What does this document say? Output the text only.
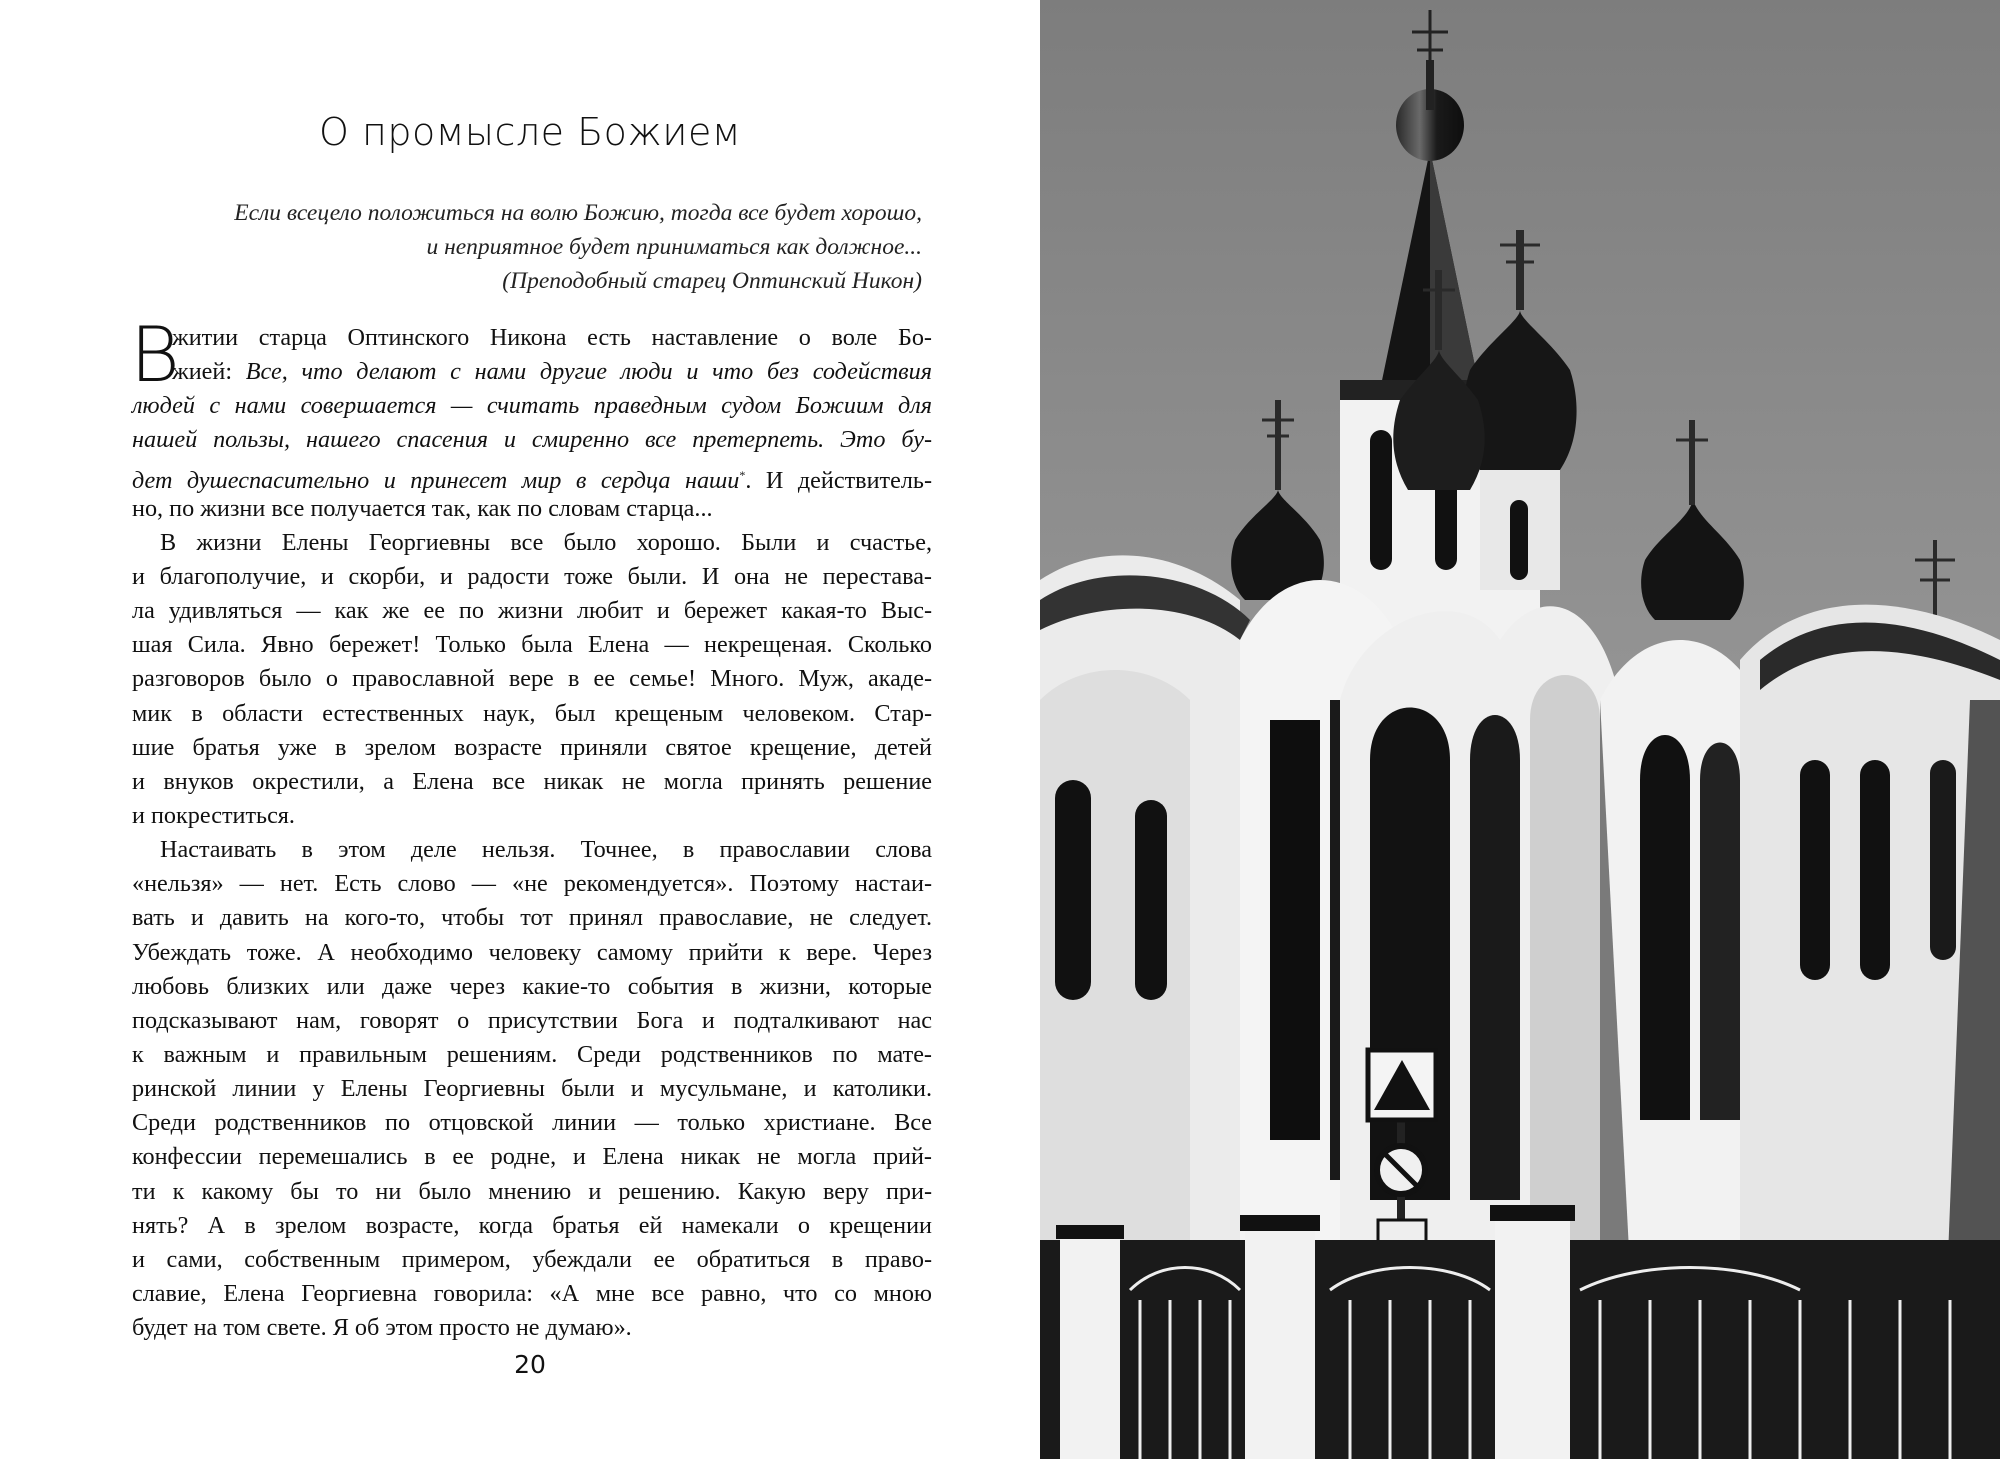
О промысле Божием
Если всецело положиться на волю Божию, тогда все будет хорошо,
и неприятное будет приниматься как должное...
(Преподобный старец Оптинский Никон)
В
житии старца Оптинского Никона есть наставление о воле Бо-
жией: Все, что делают с нами другие люди и что без содействия
людей с нами совершается — считать праведным судом Божиим для
нашей пользы, нашего спасения и смиренно все претерпеть. Это бу-
дет душеспасительно и принесет мир в сердца наши*. И действитель-
но, по жизни все получается так, как по словам старца...
В жизни Елены Георгиевны все было хорошо. Были и счастье,
и благополучие, и скорби, и радости тоже были. И она не перестава-
ла удивляться — как же ее по жизни любит и бережет какая-то Выс-
шая Сила. Явно бережет! Только была Елена — некрещеная. Сколько
разговоров было о православной вере в ее семье! Много. Муж, акаде-
мик в области естественных наук, был крещеным человеком. Стар-
шие братья уже в зрелом возрасте приняли святое крещение, детей
и внуков окрестили, а Елена все никак не могла принять решение
и покреститься.
Настаивать в этом деле нельзя. Точнее, в православии слова
«нельзя» — нет. Есть слово — «не рекомендуется». Поэтому настаи-
вать и давить на кого-то, чтобы тот принял православие, не следует.
Убеждать тоже. А необходимо человеку самому прийти к вере. Через
любовь близких или даже через какие-то события в жизни, которые
подсказывают нам, говорят о присутствии Бога и подталкивают нас
к важным и правильным решениям. Среди родственников по мате-
ринской линии у Елены Георгиевны были и мусульмане, и католики.
Среди родственников по отцовской линии — только христиане. Все
конфессии перемешались в ее родне, и Елена никак не могла прий-
ти к какому бы то ни было мнению и решению. Какую веру при-
нять? А в зрелом возрасте, когда братья ей намекали о крещении
и сами, собственным примером, убеждали ее обратиться в право-
славие, Елена Георгиевна говорила: «А мне все равно, что со мною
будет на том свете. Я об этом просто не думаю».
20
